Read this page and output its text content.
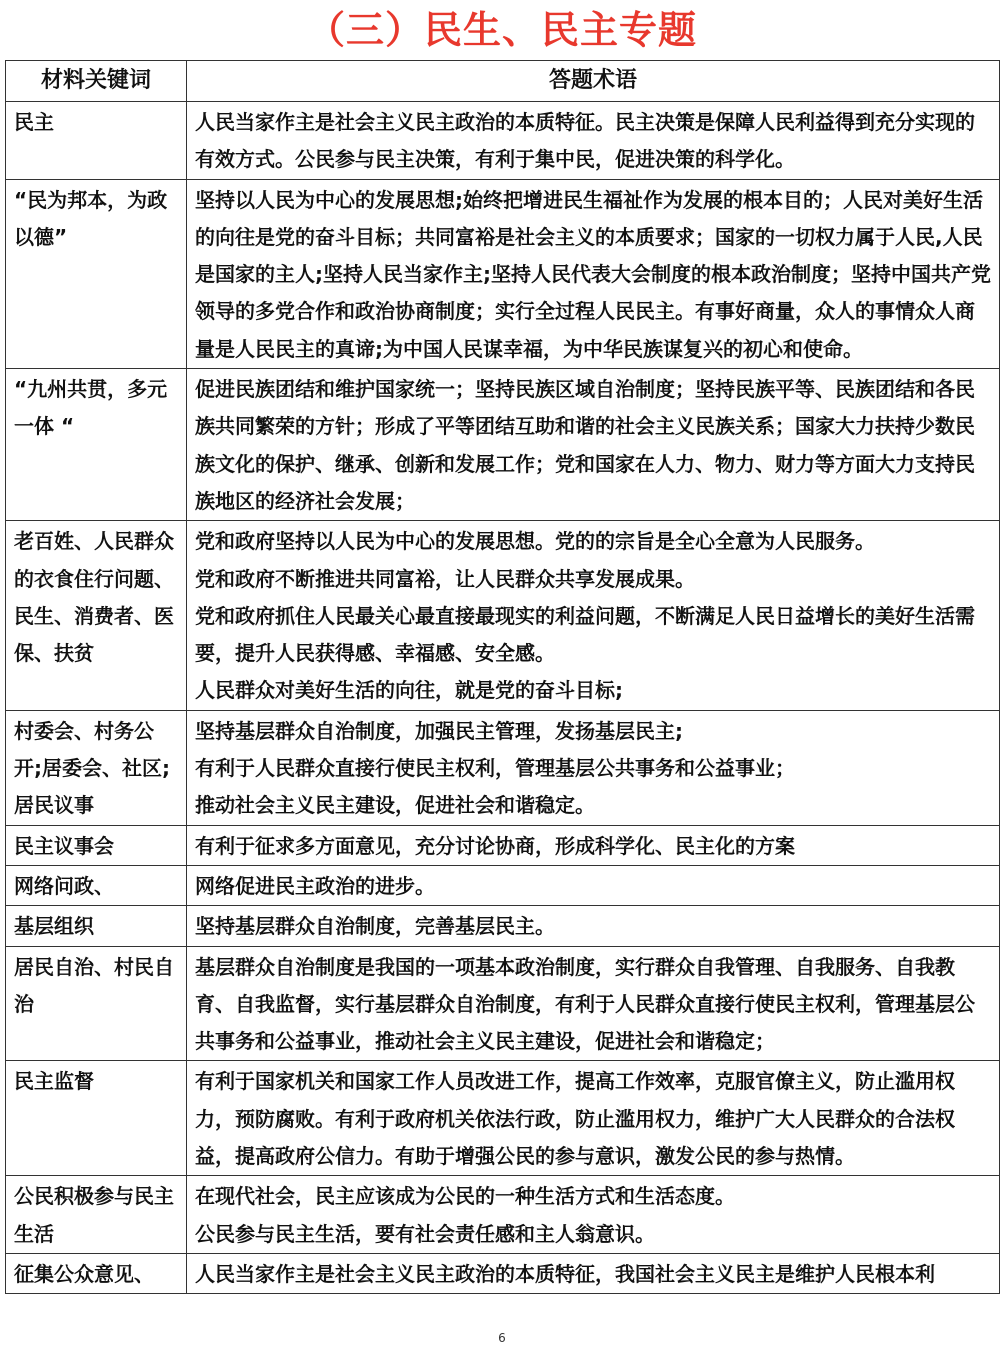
（三）民生、民主专题
材料关键词	答题术语
民主	人民当家作主是社会主义民主政治的本质特征。民主决策是保障人民利益得到充分实现的有效方式。公民参与民主决策，有利于集中民，促进决策的科学化。

“民为邦本，为政以德”	坚持以人民为中心的发展思想;始终把增进民生福祉作为发展的根本目的；人民对美好生活的向往是党的奋斗目标；共同富裕是社会主义的本质要求；国家的一切权力属于人民,人民是国家的主人;坚持人民当家作主;坚持人民代表大会制度的根本政治制度；坚持中国共产党领导的多党合作和政治协商制度；实行全过程人民民主。有事好商量，众人的事情众人商量是人民民主的真谛;为中国人民谋幸福，为中华民族谋复兴的初心和使命。

“九州共贯，多元一体 “	促进民族团结和维护国家统一；坚持民族区域自治制度；坚持民族平等、民族团结和各民族共同繁荣的方针；形成了平等团结互助和谐的社会主义民族关系；国家大力扶持少数民族文化的保护、继承、创新和发展工作；党和国家在人力、物力、财力等方面大力支持民族地区的经济社会发展；

老百姓、人民群众的衣食住行问题、民生、消费者、医保、扶贫	党和政府坚持以人民为中心的发展思想。党的的宗旨是全心全意为人民服务。
党和政府不断推进共同富裕，让人民群众共享发展成果。
党和政府抓住人民最关心最直接最现实的利益问题，不断满足人民日益增长的美好生活需要，提升人民获得感、幸福感、安全感。
人民群众对美好生活的向往，就是党的奋斗目标;

村委会、村务公开;居委会、社区;居民议事	坚持基层群众自治制度，加强民主管理，发扬基层民主;
有利于人民群众直接行使民主权利，管理基层公共事务和公益事业；
推动社会主义民主建设，促进社会和谐稳定。

民主议事会	有利于征求多方面意见，充分讨论协商，形成科学化、民主化的方案

网络问政、	网络促进民主政治的进步。

基层组织	坚持基层群众自治制度，完善基层民主。

居民自治、村民自治	基层群众自治制度是我国的一项基本政治制度，实行群众自我管理、自我服务、自我教育、自我监督，实行基层群众自治制度，有利于人民群众直接行使民主权利，管理基层公共事务和公益事业，推动社会主义民主建设，促进社会和谐稳定；

民主监督	有利于国家机关和国家工作人员改进工作，提高工作效率，克服官僚主义，防止滥用权力，预防腐败。有利于政府机关依法行政，防止滥用权力，维护广大人民群众的合法权益，提高政府公信力。有助于增强公民的参与意识，激发公民的参与热情。

公民积极参与民主生活	在现代社会，民主应该成为公民的一种生活方式和生活态度。
公民参与民主生活，要有社会责任感和主人翁意识。

征集公众意见、	人民当家作主是社会主义民主政治的本质特征，我国社会主义民主是维护人民根本利
6
